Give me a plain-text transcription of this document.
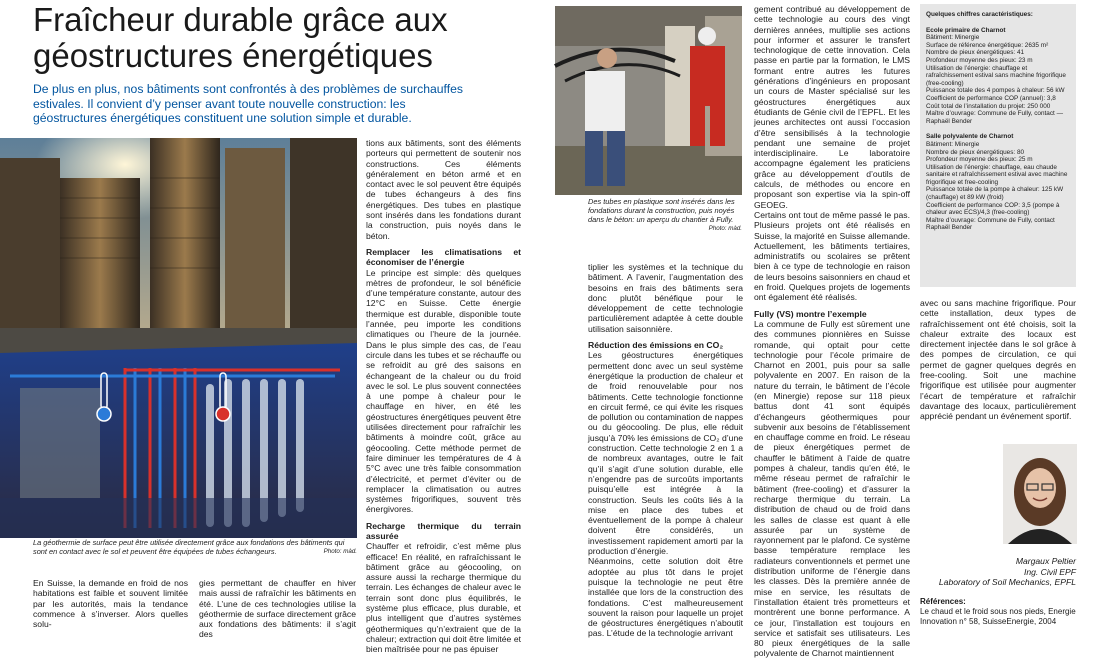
Fraîcheur durable grâce aux géostructures énergétiques
De plus en plus, nos bâtiments sont confrontés à des problèmes de surchauffes estivales. Il convient d’y penser avant toute nouvelle construction: les géostructures énergétiques constituent une solution simple et durable.
La géothermie de surface peut être utilisée directement grâce aux fondations des bâtiments qui sont en contact avec le sol et peuvent être équipées de tubes échangeurs.	Photo: màd.
En Suisse, la demande en froid de nos habitations est faible et souvent limitée par les autorités, mais la tendance commence à s’inverser. Alors quelles solu-
gies permettant de chauffer en hiver mais aussi de rafraîchir les bâtiments en été. L’une de ces technologies utilise la géothermie de surface directement grâce aux fondations des bâtiments: il s’agit des

tions aux bâtiments, sont des éléments porteurs qui permettent de soutenir nos constructions. Ces éléments généralement en béton armé et en contact avec le sol peuvent être équipés de tubes échangeurs à des fins énergétiques. Des tubes en plastique sont insérés dans les fondations durant la construction, puis noyés dans le béton.

Remplacer les climatisations et économiser de l’énergie

Le principe est simple: dès quelques mètres de profondeur, le sol bénéficie d’une température constante, autour des 12°C en Suisse. Cette énergie thermique est durable, disponible toute l’année, peu importe les conditions climatiques ou l’heure de la journée. Dans le plus simple des cas, de l’eau circule dans les tubes et se réchauffe ou se refroidit au gré des saisons en échangeant de la chaleur ou du froid avec le sol. Le plus souvent connectées à une pompe à chaleur pour le chauffage en hiver, en été les géostructures énergétiques peuvent être utilisées directement pour rafraîchir les bâtiments à moindre coût, grâce au géocooling. Cette méthode permet de faire diminuer les températures de 4 à 5°C avec une très faible consommation d’électricité, et permet d’éviter ou de remplacer la climatisation ou autres systèmes frigorifiques, souvent très énergivores.

Recharge thermique du terrain assurée

Chauffer et refroidir, c’est même plus efficace! En réalité, en rafraîchissant le bâtiment grâce au géocooling, on assure aussi la recharge thermique du terrain. Les échanges de chaleur avec le terrain sont donc plus équilibrés, le système plus efficace, plus durable, et plus intelligent que d’autres systèmes géothermiques qu’n’extraient que de la chaleur; extraction qui doit être limitée et bien maîtrisée pour ne pas épuiser

Des tubes en plastique sont insérés dans les fondations durant la construction, puis noyés dans le béton: un aperçu du chantier à Fully.
Photo: màd.

tiplier les systèmes et la technique du bâtiment. A l’avenir, l’augmentation des besoins en frais des bâtiments sera donc plutôt bénéfique pour le développement de cette technologie particulièrement adaptée à cette double utilisation saisonnière.

Réduction des émissions en CO₂

Les géostructures énergétiques permettent donc avec un seul système énergétique la production de chaleur et de froid renouvelable pour nos bâtiments. Cette technologie fonctionne en circuit fermé, ce qui évite les risques de pollution ou contamination de nappes ou du géocooling. De plus, elle réduit jusqu’à 70% les émissions de CO₂ d’une construction. Cette technologie 2 en 1 a de nombreux avantages, outre le fait qu’il s’agit d’une solution durable, elle n’engendre pas de surcoûts importants puisqu’elle est intégrée à la construction. Seuls les coûts liés à la mise en place des tubes et éventuellement de la pompe à chaleur doivent être considérés, un investissement rapidement amorti par la production d’énergie.

Néanmoins, cette solution doit être adoptée au plus tôt dans le projet puisque la technologie ne peut être installée que lors de la construction des fondations. C’est malheureusement souvent la raison pour laquelle un projet de géostructures énergétiques n’aboutit pas. L’étude de la technologie arrivant

gement contribué au développement de cette technologie au cours des vingt dernières années, multiplie ses actions pour informer et assurer le transfert technologique de cette innovation. Cela passe en partie par la formation, le LMS formant entre autres les futures générations d’ingénieurs en proposant un cours de Master spécialisé sur les géostructures énergétiques aux étudiants de Génie civil de l’EPFL. Et les jeunes architectes ont aussi l’occasion d’être sensibilisés à la technologie pendant une semaine de projet interdisciplinaire. Le laboratoire accompagne également les praticiens grâce au développement d’outils de calculs, de méthodes ou encore en proposant son expertise via la spin-off GEOEG.

Certains ont tout de même passé le pas. Plusieurs projets ont été réalisés en Suisse, la majorité en Suisse allemande. Actuellement, les bâtiments tertiaires, administratifs ou scolaires se prêtent bien à ce type de technologie en raison de leurs besoins saisonniers en chaud et en froid. Quelques projets de logements ont également été réalisés.

Fully (VS) montre l’exemple

La commune de Fully est sûrement une des communes pionnières en Suisse romande, qui optait pour cette technologie pour l’école primaire de Charnot en 2001, puis pour sa salle polyvalente en 2007. En raison de la nature du terrain, le bâtiment de l’école (en Minergie) repose sur 118 pieux battus dont 41 sont équipés d’échangeurs géothermiques pour subvenir aux besoins de l’établissement en chauffage comme en froid. Le réseau de pieux énergétiques permet de chauffer le bâtiment à l’aide de quatre pompes à chaleur, tandis qu’en été, le même réseau permet de rafraîchir le bâtiment (free-cooling) et d’assurer la recharge thermique du terrain. La distribution de chaud ou de froid dans les salles de classe est quant à elle assurée par un système de rayonnement par le plafond. Ce système basse température remplace les radiateurs conventionnels et permet une distribution uniforme de l’énergie dans les classes. Dès la première année de mise en service, les résultats de l’installation étaient très prometteurs et montrèrent une bonne performance. A ce jour, l’installation est toujours en service et satisfait ses utilisateurs. Les 80 pieux énergétiques de la salle polyvalente de Charnot maintiennent

Quelques chiffres caractéristiques:
Ecole primaire de Charnot
Bâtiment: Minergie
Surface de référence énergétique: 2635 m²
Nombre de pieux énergétiques: 41
Profondeur moyenne des pieux: 23 m
Utilisation de l’énergie: chauffage et rafraîchissement estival sans machine frigorifique (free-cooling)
Puissance totale des 4 pompes à chaleur: 56 kW
Coefficient de performance COP (annuel): 3,8
Coût total de l’installation du projet: 250 000
Maître d’ouvrage: Commune de Fully, contact —Raphaël Bender
Salle polyvalente de Charnot
Bâtiment: Minergie
Nombre de pieux énergétiques: 80
Profondeur moyenne des pieux: 25 m
Utilisation de l’énergie: chauffage, eau chaude sanitaire et rafraîchissement estival avec machine frigorifique et free-cooling
Puissance totale de la pompe à chaleur: 125 kW (chauffage) et 89 kW (froid)
Coefficient de performance COP: 3,5 (pompe à chaleur avec ECS)/4,3 (free-cooling)
Maître d’ouvrage: Commune de Fully, contact Raphaël Bender
avec ou sans machine frigorifique. Pour cette installation, deux types de rafraîchissement ont été choisis, soit la chaleur extraite des locaux est directement injectée dans le sol grâce à des pompes de circulation, ce qui permet de gagner quelques degrés en free-cooling. Soit une machine frigorifique est utilisée pour augmenter l’écart de température et rafraîchir davantage des locaux, particulièrement apprécié pendant un événement sportif.
Margaux Peltier
Ing. Civil EPF
Laboratory of Soil Mechanics, EPFL
Références:
Le chaud et le froid sous nos pieds, Energie Innovation n° 58, SuisseEnergie, 2004
